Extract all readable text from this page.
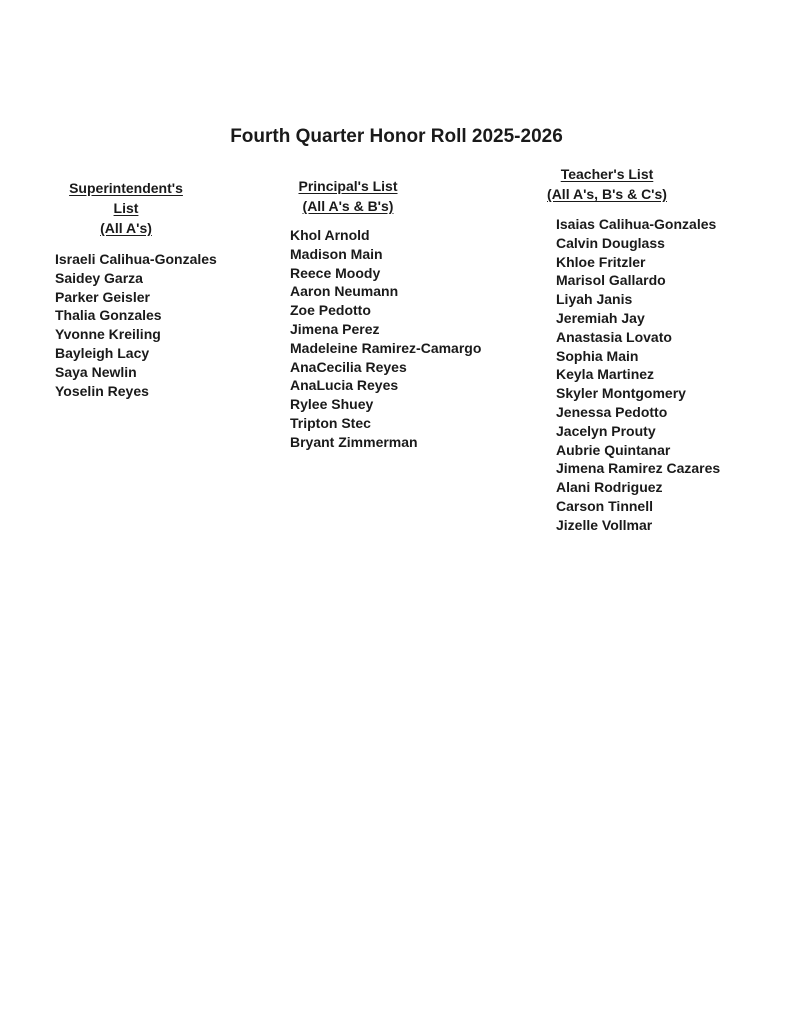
Fourth Quarter Honor Roll 2025-2026

Superintendent's List

(All A's)

Israeli Calihua-Gonzales
Saidey Garza
Parker Geisler
Thalia Gonzales
Yvonne Kreiling
Bayleigh Lacy
Saya Newlin
Yoselin Reyes

Principal's List

(All A's & B's)

Khol Arnold
Madison Main
Reece Moody
Aaron Neumann
Zoe Pedotto
Jimena Perez
Madeleine Ramirez-Camargo
AnaCecilia Reyes
AnaLucia Reyes
Rylee Shuey
Tripton Stec
Bryant Zimmerman

Teacher's List

(All A's, B's & C's)

Isaias Calihua-Gonzales
Calvin Douglass
Khloe Fritzler
Marisol Gallardo
Liyah Janis
Jeremiah Jay
Anastasia Lovato
Sophia Main
Keyla Martinez
Skyler Montgomery
Jenessa Pedotto
Jacelyn Prouty
Aubrie Quintanar
Jimena Ramirez Cazares
Alani Rodriguez
Carson Tinnell
Jizelle Vollmar
